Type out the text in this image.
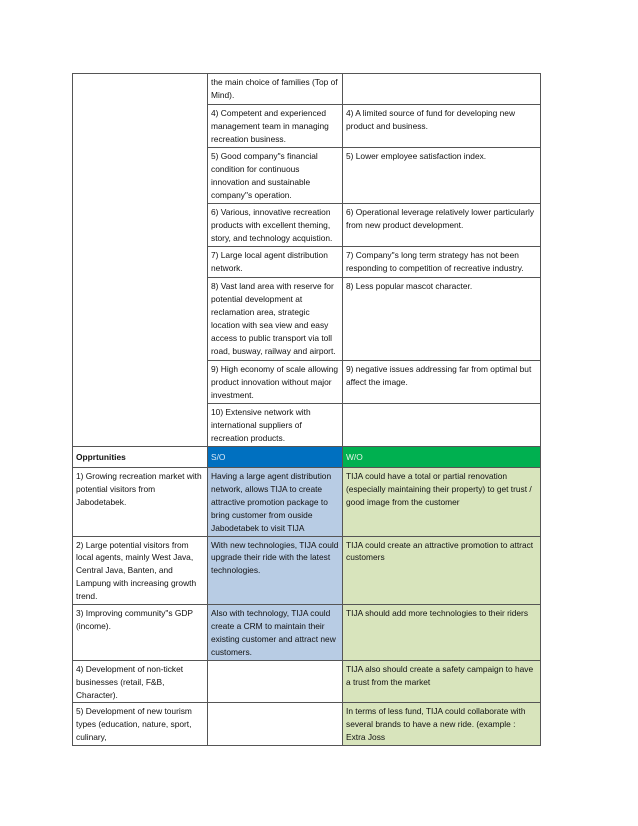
	the main choice of families (Top of Mind).	
	4) Competent and experienced management team in managing recreation business.	4) A limited source of fund for developing new product and business.
	5) Good company"s financial condition for continuous innovation and sustainable company"s operation.	5) Lower employee satisfaction index.
	6) Various, innovative recreation products with excellent theming, story, and technology acquistion.	6) Operational leverage relatively lower particularly from new product development.
	7) Large local agent distribution network.	7) Company"s long term strategy has not been responding to competition of recreative industry.
	8) Vast land area with reserve for potential development at reclamation area, strategic location with sea view and easy access to public transport via toll road, busway, railway and airport.	8) Less popular mascot character.
	9) High economy of scale allowing product innovation without major investment.	9) negative issues addressing far from optimal but affect the image.
	10) Extensive network with international suppliers of recreation products.	
Opprtunities	S/O	W/O
1) Growing recreation market with potential visitors from Jabodetabek.	Having a large agent distribution network, allows TIJA to create attractive promotion package to bring customer from ouside Jabodetabek to visit TIJA	TIJA could have a total or partial renovation (especially maintaining their property) to get trust / good image from the customer
2) Large potential visitors from local agents, mainly West Java, Central Java, Banten, and Lampung with increasing growth trend.	With new technologies, TIJA could upgrade their ride with the latest technologies.	TIJA could create an attractive promotion to attract customers
3) Improving community"s GDP (income).	Also with technology, TIJA could create a CRM to maintain their existing customer and attract new customers.	TIJA should add more technologies to their riders
4) Development of non-ticket businesses (retail, F&B, Character).		TIJA also should create a safety campaign to have a trust from the market
5) Development of new tourism types (education, nature, sport, culinary,		In terms of less fund, TIJA could collaborate with several brands to have a new ride. (example : Extra Joss
